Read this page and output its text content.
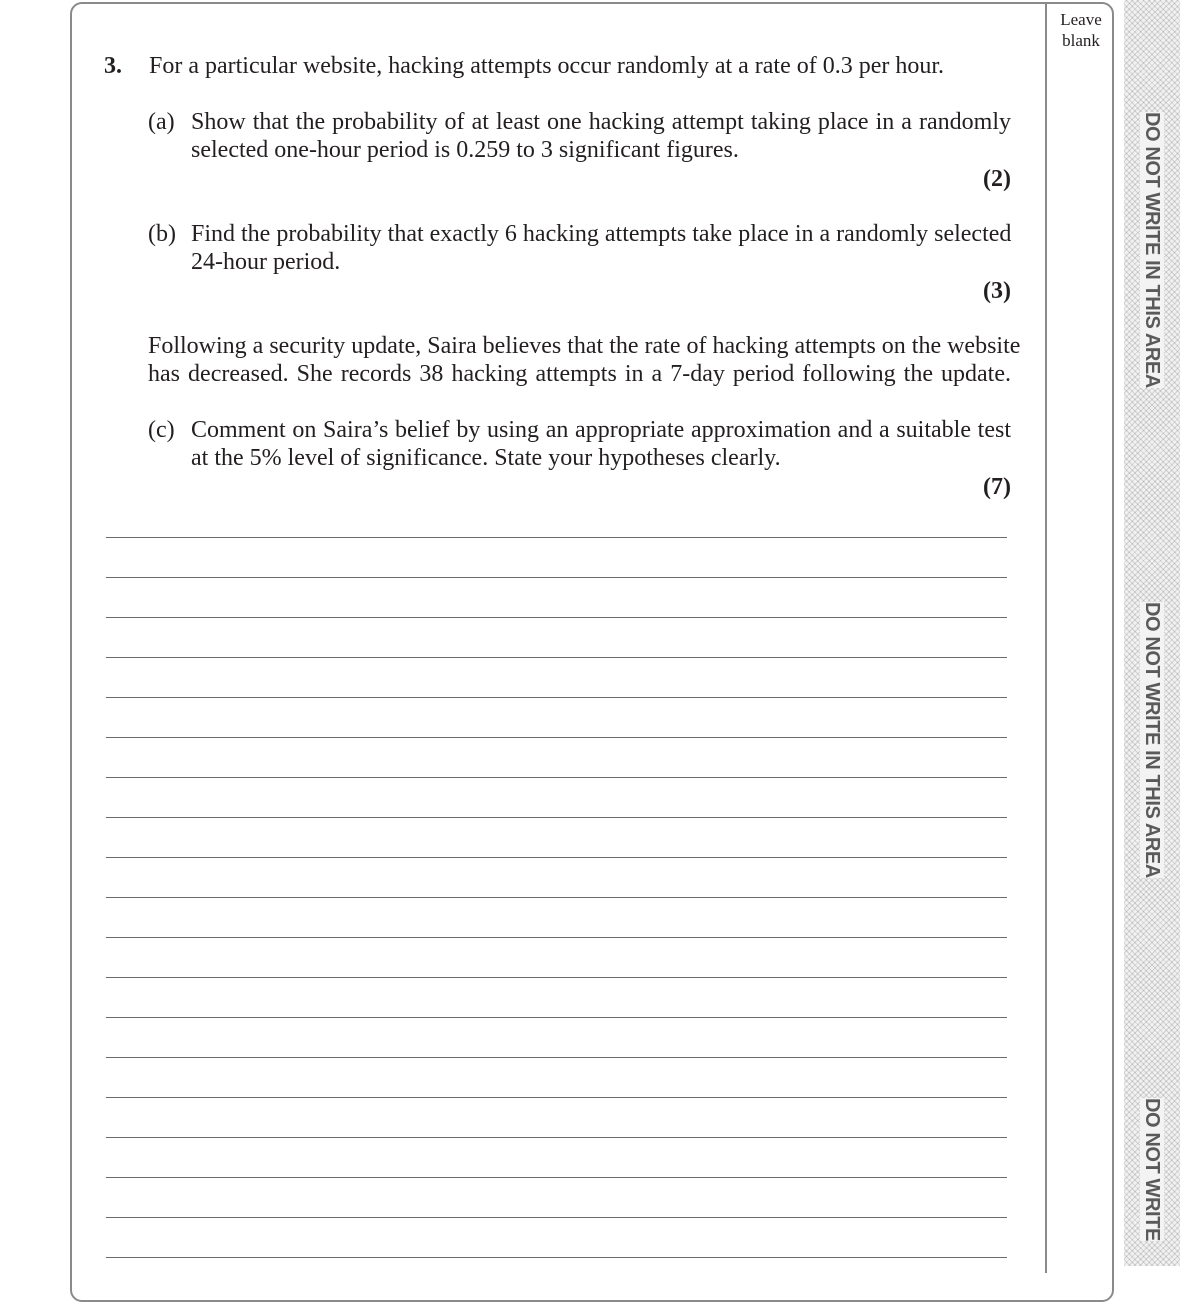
Leave
blank
DO NOT WRITE IN THIS AREA
DO NOT WRITE IN THIS AREA
DO NOT WRITE
3. For a particular website, hacking attempts occur randomly at a rate of 0.3 per hour.
(a) Show that the probability of at least one hacking attempt taking place in a randomly
selected one-hour period is 0.259 to 3 significant figures.
(2)
(b) Find the probability that exactly 6 hacking attempts take place in a randomly selected
24-hour period.
(3)
Following a security update, Saira believes that the rate of hacking attempts on the website
has decreased. She records 38 hacking attempts in a 7-day period following the update.
(c) Comment on Saira’s belief by using an appropriate approximation and a suitable test
at the 5% level of significance. State your hypotheses clearly.
(7)
